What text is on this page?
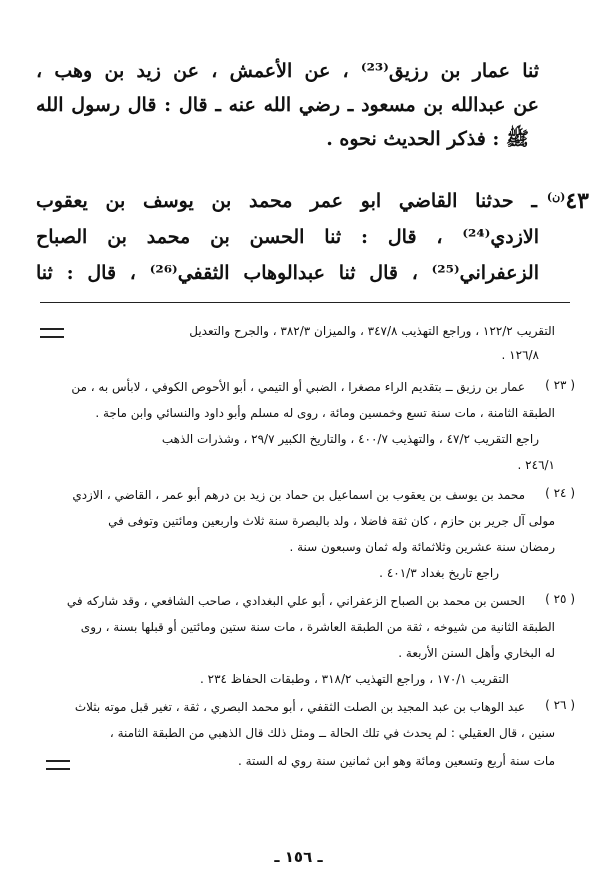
ثنا عمار بن رزيق⁽²³⁾ ، عن الأعمش ، عن زيد بن وهب ،
عن عبدالله بن مسعود ـ رضي الله عنه ـ قال : قال رسول الله
ﷺ : فذكر الحديث نحوه .
$٤٣^{(ن)}$
ـ حدثنا القاضي ابو عمر محمد بن يوسف بن يعقوب
الازدي⁽²⁴⁾ ، قال : ثنا الحسن بن محمد بن الصباح
الزعفراني⁽²⁵⁾ ، قال ثنا عبدالوهاب الثقفي⁽²⁶⁾ ، قال : ثنا
التقريب ١٢٢/٢ ، وراجع التهذيب ٣٤٧/٨ ، والميزان ٣٨٢/٣ ، والجرح والتعديل
١٢٦/٨ .
( ٢٣ )
عمار بن رزيق ــ بتقديم الراء مصغرا ، الضبي أو التيمي ، أبو الأحوص الكوفي ، لابأس به ، من
الطبقة الثامنة ، مات سنة تسع وخمسين ومائة ، روى له مسلم وأبو داود والنسائي وابن ماجة .
راجع التقريب ٤٧/٢ ، والتهذيب ٤٠٠/٧ ، والتاريخ الكبير ٢٩/٧ ، وشذرات الذهب
٢٤٦/١ .
( ٢٤ )
محمد بن يوسف بن يعقوب بن اسماعيل بن حماد بن زيد بن درهم أبو عمر ، القاضي ، الازدي
مولى آل جرير بن حازم ، كان ثقة فاضلا ، ولد بالبصرة سنة ثلاث واربعين ومائتين وتوفى في
رمضان سنة عشرين وثلاثمائة وله ثمان وسبعون سنة .
راجع تاريخ بغداد ٤٠١/٣ .
( ٢٥ )
الحسن بن محمد بن الصباح الزعفراني ، أبو علي البغدادي ، صاحب الشافعي ، وقد شاركه في
الطبقة الثانية من شيوخه ، ثقة من الطبقة العاشرة ، مات سنة ستين ومائتين أو قبلها بسنة ، روى
له البخاري وأهل السنن الأربعة .
التقريب ١٧٠/١ ، وراجع التهذيب ٣١٨/٢ ، وطبقات الحفاظ ٢٣٤ .
( ٢٦ )
عبد الوهاب بن عبد المجيد بن الصلت الثقفي ، أبو محمد البصري ، ثقة ، تغير قبل موته بثلاث
سنين ، قال العقيلي : لم يحدث في تلك الحالة ــ ومثل ذلك قال الذهبي من الطبقة الثامنة ،
مات سنة أربع وتسعين ومائة وهو ابن ثمانين سنة روي له الستة .
ـ ١٥٦ ـ
